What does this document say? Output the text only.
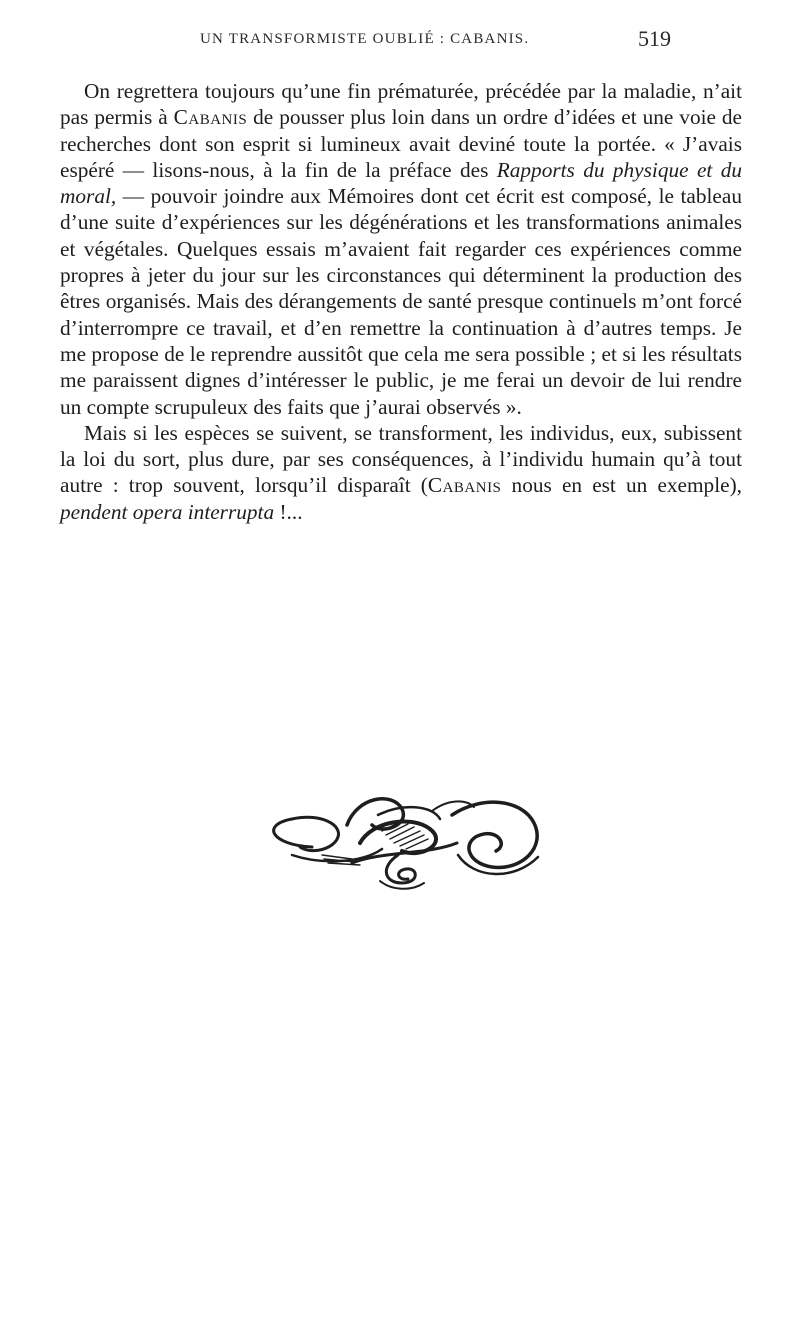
UN TRANSFORMISTE OUBLIÉ : CABANIS.	519

On regrettera toujours qu’une fin prématurée, précédée par la maladie, n’ait pas permis à Cabanis de pousser plus loin dans un ordre d’idées et une voie de recherches dont son esprit si lumineux avait deviné toute la portée. « J’avais espéré — lisons-nous, à la fin de la préface des Rapports du physique et du moral, — pouvoir joindre aux Mémoires dont cet écrit est composé, le tableau d’une suite d’expériences sur les dégénérations et les transformations animales et végétales. Quelques essais m’avaient fait regarder ces expériences comme propres à jeter du jour sur les circonstances qui déterminent la production des êtres organisés. Mais des dérangements de santé presque continuels m’ont forcé d’interrompre ce travail, et d’en remettre la continuation à d’autres temps. Je me propose de le reprendre aussitôt que cela me sera possible ; et si les résultats me paraissent dignes d’intéresser le public, je me ferai un devoir de lui rendre un compte scrupuleux des faits que j’aurai observés ».

Mais si les espèces se suivent, se transforment, les individus, eux, subissent la loi du sort, plus dure, par ses conséquences, à l’individu humain qu’à tout autre : trop souvent, lorsqu’il disparaît (Cabanis nous en est un exemple), pendent opera interrupta !...
